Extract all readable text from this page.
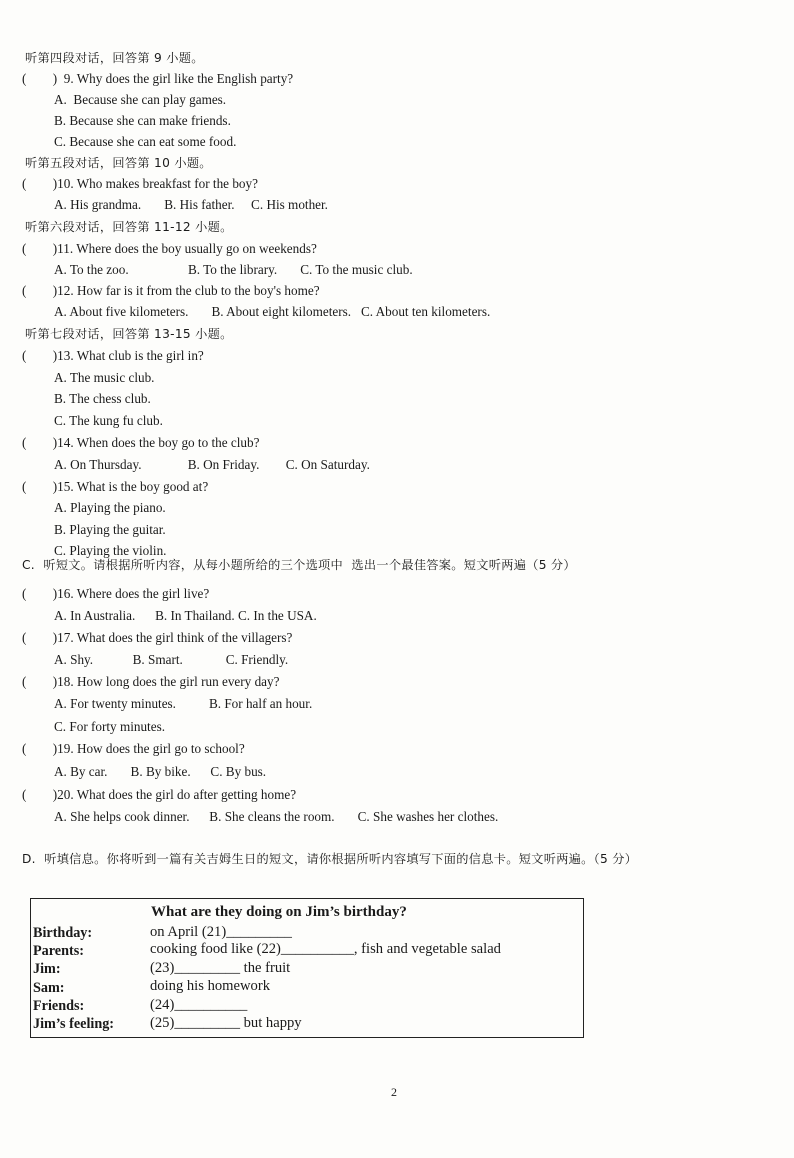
听第四段对话，回答第 9 小题。
(        )  9. Why does the girl like the English party?
A.  Because she can play games.
B. Because she can make friends.
C. Because she can eat some food.
听第五段对话，回答第 10 小题。
(        )10. Who makes breakfast for the boy?
A. His grandma.       B. His father.     C. His mother.
听第六段对话，回答第 11-12 小题。
(        )11. Where does the boy usually go on weekends?
A. To the zoo.                  B. To the library.       C. To the music club.
(        )12. How far is it from the club to the boy's home?
A. About five kilometers.       B. About eight kilometers.   C. About ten kilometers.
听第七段对话，回答第 13-15 小题。
(        )13. What club is the girl in?
A. The music club.
B. The chess club.
C. The kung fu club.
(        )14. When does the boy go to the club?
A. On Thursday.              B. On Friday.        C. On Saturday.
(        )15. What is the boy good at?
A. Playing the piano.
B. Playing the guitar.
C. Playing the violin.
C.  听短文。请根据所听内容，从每小题所给的三个选项中  选出一个最佳答案。短文听两遍（5 分）
(        )16. Where does the girl live?
A. In Australia.      B. In Thailand. C. In the USA.
(        )17. What does the girl think of the villagers?
A. Shy.            B. Smart.             C. Friendly.
(        )18. How long does the girl run every day?
A. For twenty minutes.          B. For half an hour.
C. For forty minutes.
(        )19. How does the girl go to school?
A. By car.       B. By bike.      C. By bus.
(        )20. What does the girl do after getting home?
A. She helps cook dinner.      B. She cleans the room.       C. She washes her clothes.
D.  听填信息。你将听到一篇有关吉姆生日的短文，请你根据所听内容填写下面的信息卡。短文听两遍。（5 分）
What are they doing on Jim’s birthday?
Birthday:	on April (21)_________
Parents:	cooking food like (22)__________, fish and vegetable salad
Jim:	(23)_________ the fruit
Sam:	doing his homework
Friends:	(24)__________
Jim’s feeling: (25)_________ but happy
2
